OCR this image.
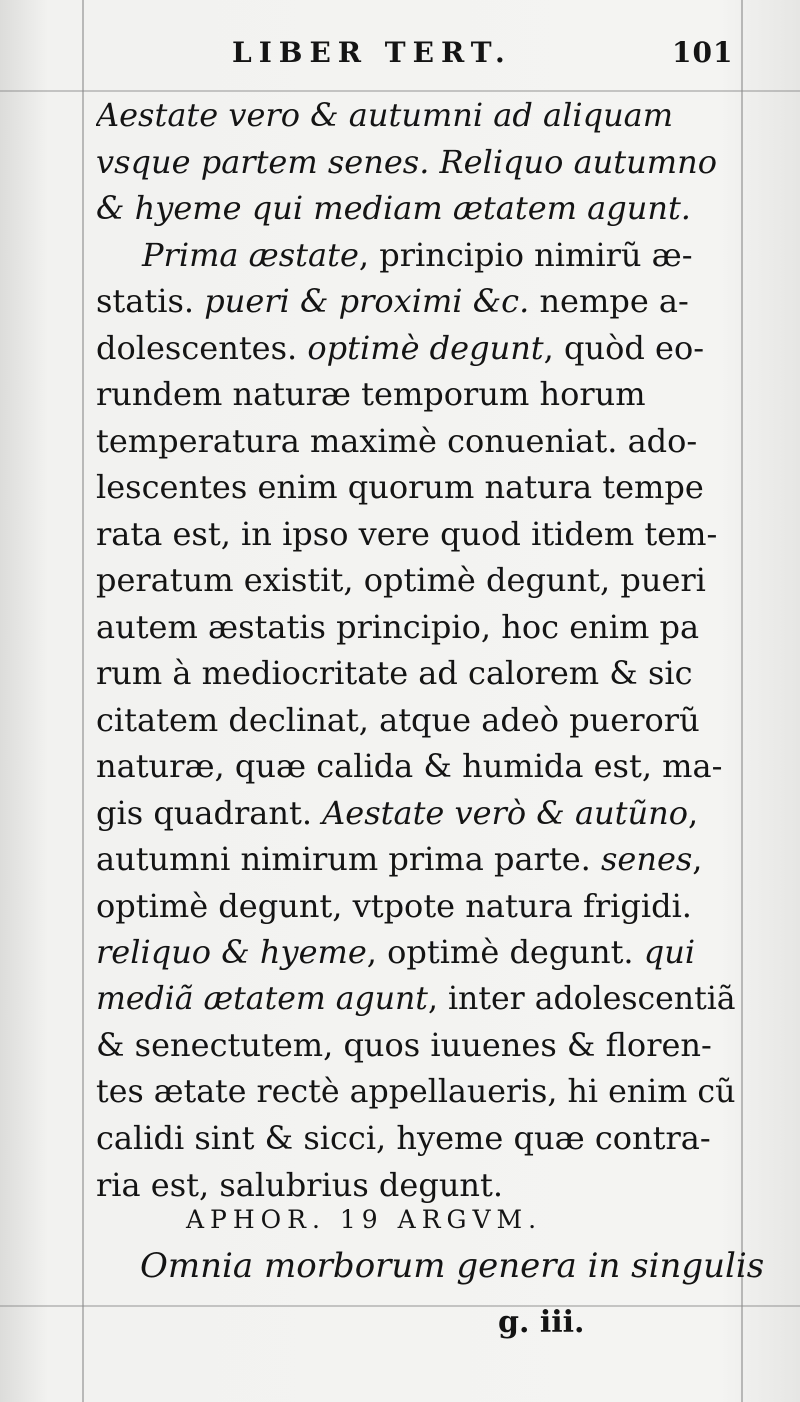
LIBER TERT.	101
Aestate vero & autumni ad aliquam
vsque partem senes. Reliquo autumno
& hyeme qui mediam ætatem agunt.
Prima æstate, principio nimirũ æ-
statis. pueri & proximi &c. nempe a-
dolescentes. optimè degunt, quòd eo-
rundem naturæ temporum horum
temperatura maximè conueniat. ado-
lescentes enim quorum natura tempe
rata est, in ipso vere quod itidem tem-
peratum existit, optimè degunt, pueri
autem æstatis principio, hoc enim pa
rum à mediocritate ad calorem & sic
citatem declinat, atque adeò puerorũ
naturæ, quæ calida & humida est, ma-
gis quadrant. Aestate verò & autũno,
autumni nimirum prima parte. senes,
optimè degunt, vtpote natura frigidi.
reliquo & hyeme, optimè degunt. qui
mediã ætatem agunt, inter adolescentiã
& senectutem, quos iuuenes & floren-
tes ætate rectè appellaueris, hi enim cũ
calidi sint & sicci, hyeme quæ contra-
ria est, salubrius degunt.
APHOR. 19 ARGVM.
Omnia morborum genera in singulis
g. iii.
